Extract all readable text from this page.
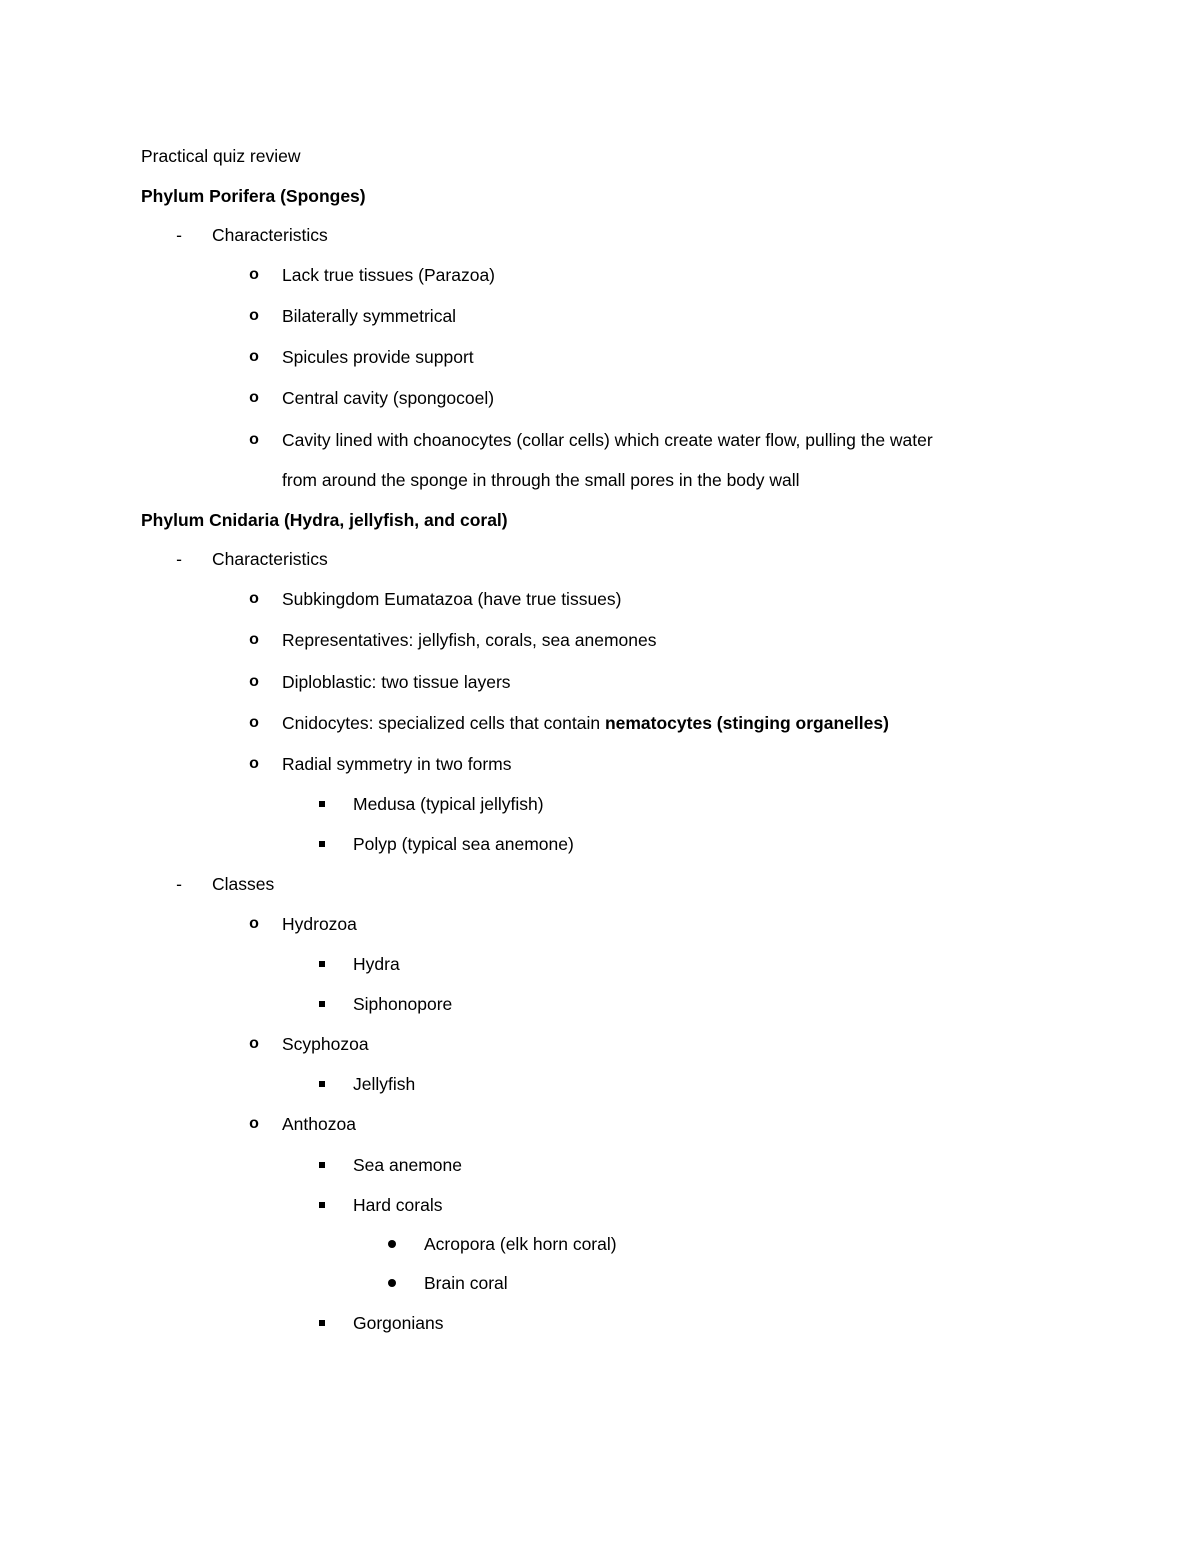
Practical quiz review
Phylum Porifera (Sponges)
- Characteristics
o Lack true tissues (Parazoa)
o Bilaterally symmetrical
o Spicules provide support
o Central cavity (spongocoel)
o Cavity lined with choanocytes (collar cells) which create water flow, pulling the water
from around the sponge in through the small pores in the body wall
Phylum Cnidaria (Hydra, jellyfish, and coral)
- Characteristics
o Subkingdom Eumatazoa (have true tissues)
o Representatives: jellyfish, corals, sea anemones
o Diploblastic: two tissue layers
o Cnidocytes: specialized cells that contain nematocytes (stinging organelles)
o Radial symmetry in two forms
Medusa (typical jellyfish)
Polyp (typical sea anemone)
- Classes
o Hydrozoa
Hydra
Siphonopore
o Scyphozoa
Jellyfish
o Anthozoa
Sea anemone
Hard corals
Acropora (elk horn coral)
Brain coral
Gorgonians
